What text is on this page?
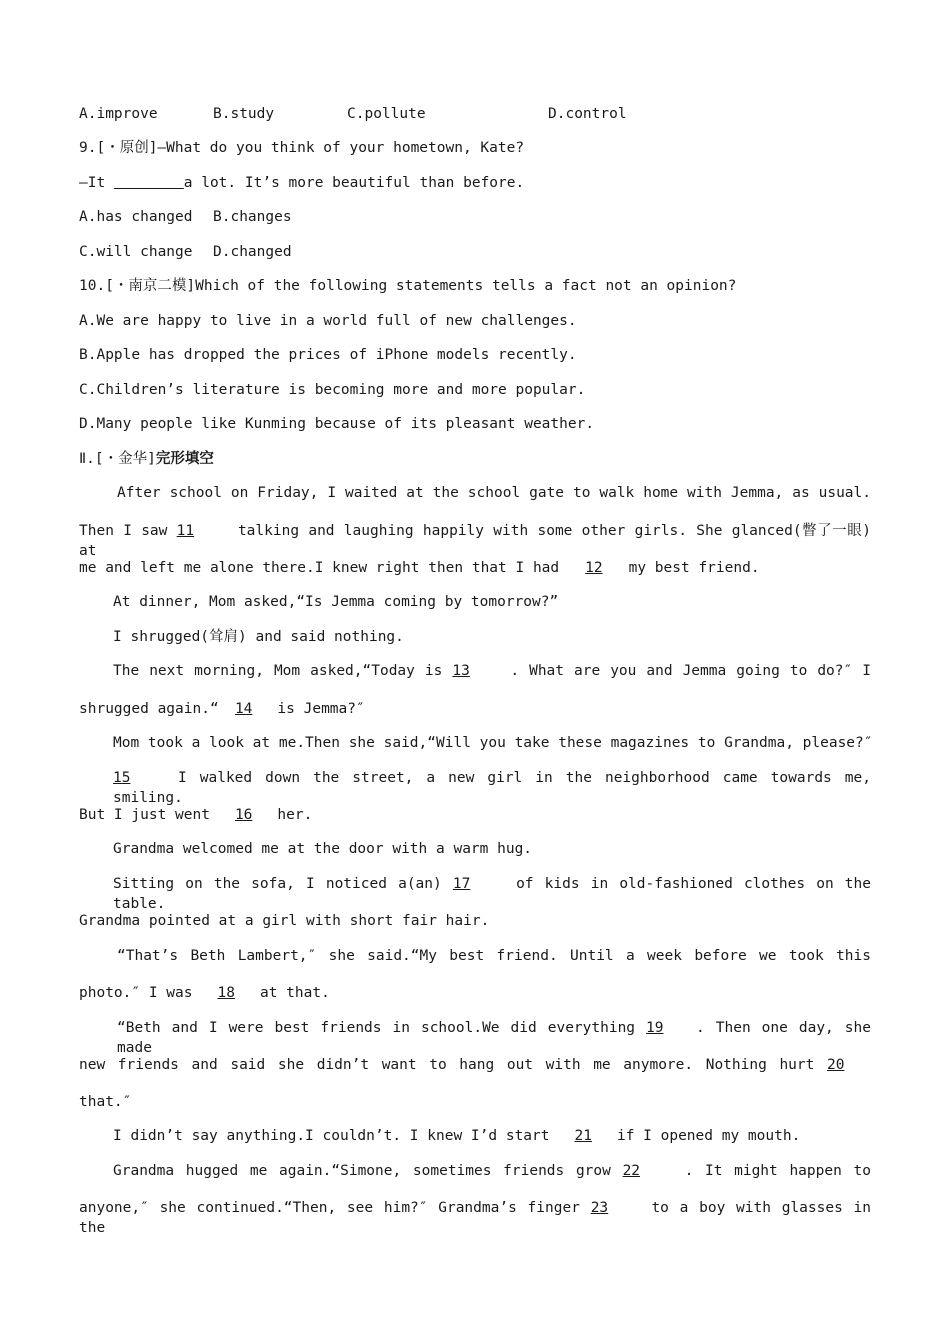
A.improve	B.study	C.pollute	D.control
9.[・原创]—What do you think of your hometown, Kate?
—It	a lot. It’s more beautiful than before.
A.has changed B.changes
C.will change D.changed
10.[・南京二模]Which of the following statements tells a fact not an opinion?
A.We are happy to live in a world full of new challenges.
B.Apple has dropped the prices of iPhone models recently.
C.Children’s literature is becoming more and more popular.
D.Many people like Kunming because of its pleasant weather.
Ⅱ.[・金华]完形填空
After school on Friday, I waited at the school gate to walk home with Jemma, as usual.
Then I saw 11	talking and laughing happily with some other girls. She glanced(瞥了一眼) at
me and left me alone there.I knew right then that I had 12 my best friend.
At dinner, Mom asked,“Is Jemma coming by tomorrow?”
I shrugged(耸肩) and said nothing.
The next morning, Mom asked,“Today is 13	. What are you and Jemma going to do?″ I
shrugged again.“ 14 is Jemma?″
Mom took a look at me.Then she said,“Will you take these magazines to Grandma, please?″
15	I walked down the street, a new girl in the neighborhood came towards me, smiling.
But I just went 16 her.
Grandma welcomed me at the door with a warm hug.
Sitting on the sofa, I noticed a(an) 17	of kids in old-fashioned clothes on the table.
Grandma pointed at a girl with short fair hair.
“That’s Beth Lambert,″ she said.“My best friend. Until a week before we took this
photo.″ I was 18 at that.
“Beth and I were best friends in school.We did everything 19 . Then one day, she made
new friends and said she didn’t want to hang out with me anymore. Nothing hurt 20
that.″
I didn’t say anything.I couldn’t. I knew I’d start 21 if I opened my mouth.
Grandma hugged me again.“Simone, sometimes friends grow 22	. It might happen to
anyone,″ she continued.“Then, see him?″ Grandma’s finger 23	to a boy with glasses in the
